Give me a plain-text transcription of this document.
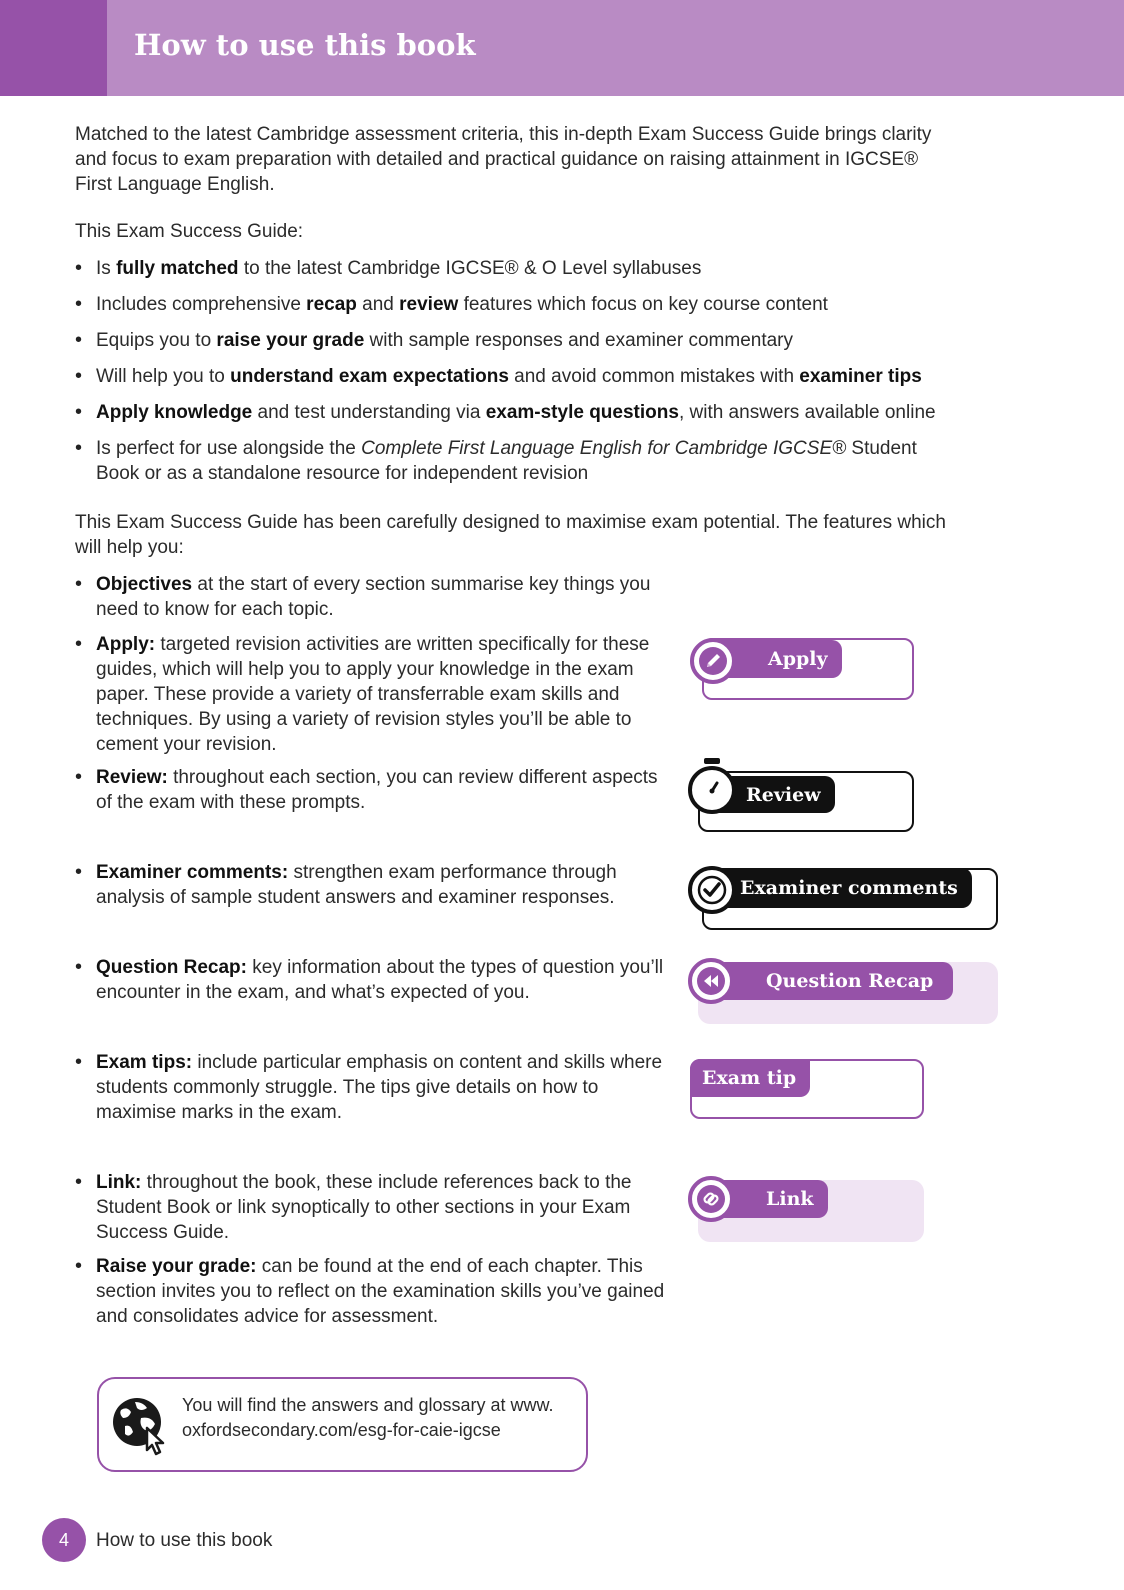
How to use this book

Matched to the latest Cambridge assessment criteria, this in-depth Exam Success Guide brings clarity and focus to exam preparation with detailed and practical guidance on raising attainment in IGCSE® First Language English.

This Exam Success Guide:

• Is fully matched to the latest Cambridge IGCSE® & O Level syllabuses
• Includes comprehensive recap and review features which focus on key course content
• Equips you to raise your grade with sample responses and examiner commentary
• Will help you to understand exam expectations and avoid common mistakes with examiner tips
• Apply knowledge and test understanding via exam-style questions, with answers available online
• Is perfect for use alongside the Complete First Language English for Cambridge IGCSE® Student Book or as a standalone resource for independent revision

This Exam Success Guide has been carefully designed to maximise exam potential. The features which will help you:

• Objectives at the start of every section summarise key things you need to know for each topic.
• Apply: targeted revision activities are written specifically for these guides, which will help you to apply your knowledge in the exam paper. These provide a variety of transferrable exam skills and techniques. By using a variety of revision styles you’ll be able to cement your revision.
• Review: throughout each section, you can review different aspects of the exam with these prompts.
• Examiner comments: strengthen exam performance through analysis of sample student answers and examiner responses.
• Question Recap: key information about the types of question you’ll encounter in the exam, and what’s expected of you.
• Exam tips: include particular emphasis on content and skills where students commonly struggle. The tips give details on how to maximise marks in the exam.
• Link: throughout the book, these include references back to the Student Book or link synoptically to other sections in your Exam Success Guide.
• Raise your grade: can be found at the end of each chapter. This section invites you to reflect on the examination skills you’ve gained and consolidates advice for assessment.
Apply
Review
Examiner comments
Question Recap
Exam tip
Link
You will find the answers and glossary at www. oxfordsecondary.com/esg-for-caie-igcse
4	How to use this book
